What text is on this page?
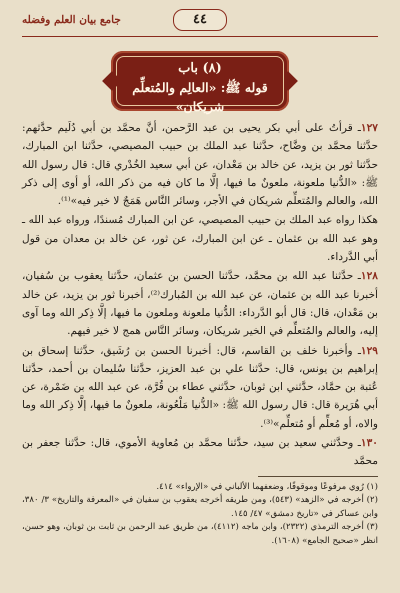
جامع بيان العلم وفضله	٤٤
(٨) باب
قوله ﷺ: «العالِم والمُتعلِّم شريكان»

١٢٧ـ قرأتُ على أبي بكر يحيى بن عبد الرَّحمن، أنَّ محمَّد بن أبي دُلَيم حدَّثهم: حدَّثنا محمَّد بن وضَّاح، حدَّثنا عبد الملك بن حبيب المصيصي، حدَّثنا ابن المبارك، حدَّثنا ثور بن يزيد، عن خالد بن مَعْدان، عن أبي سعيد الخُدْري قال: قال رسول الله ﷺ: «الدُّنيا ملعونة، ملعونٌ ما فيها، إلَّا ما كان فيه من ذكر الله، أو أوى إلى ذكر الله، والعالم والمُتعلِّم شريكان في الأجر، وسائر النَّاس هَمَجٌ لا خير فيه»⁽¹⁾.

هكذا رواه عبد الملك بن حبيب المصيصي، عن ابن المبارك مُسندًا، ورواه عبد الله ـ وهو عبد الله بن عثمان ـ عن ابن المبارك، عن ثور، عن خالد بن معدان من قول أبي الدَّرداء.

١٢٨ـ حدَّثنا عبد الله بن محمَّد، حدَّثنا الحسن بن عثمان، حدَّثنا يعقوب بن سُفيان، أخبرنا عبد الله بن عثمان، عن عبد الله بن المُبارك⁽²⁾، أخبرنا ثور بن يزيد، عن خالد بن مَعْدان، قال: قال أبو الدَّرداء: الدُّنيا ملعونة وملعون ما فيها، إلَّا ذِكر الله وما آوى إليه، والعالم والمُتعلِّم في الخير شريكان، وسائر النَّاس همج لا خير فيهم.

١٢٩ـ وأخبرنا خلف بن القاسم، قال: أخبرنا الحسن بن رُشَيق، حدَّثنا إسحاق بن إبراهيم بن يونس، قال: حدَّثنا علي بن عبد العزيز، حدَّثنا سُليمان بن أحمد، حدَّثنا عُتبة بن حمَّاد، حدَّثني ابن ثوبان، حدَّثني عطاء بن قُرَّة، عن عبد الله بن ضَمْرة، عن أبي هُرَيرة قال: قال رسول الله ﷺ: «الدُّنيا مَلْعُونة، ملعونٌ ما فيها، إلَّا ذِكر الله وما والاه، أو مُعلِّم أو مُتعلِّم»⁽³⁾.

١٣٠ـ وحدَّثني سعيد بن سيد، حدَّثنا محمَّد بن مُعاوية الأموي، قال: حدَّثنا جعفر بن محمَّد

(١) رُوي مرفوعًا وموقوفًا، وضعفهما الألباني في «الإرواء» ٤١٤.

(٢) أخرجه في «الزهد» (٥٤٣)، ومن طريقه أخرجه يعقوب بن سفيان في «المعرفة والتاريخ» ٣/ ٣٨٠، وابن عساكر في «تاريخ دمشق» ٤٧/ ١٤٥.

(٣) أخرجه الترمذي (٢٣٢٢)، وابن ماجه (٤١١٢)، من طريق عبد الرحمن بن ثابت بن ثوبان، وهو حسن، انظر «صحيح الجامع» (١٦٠٨).
